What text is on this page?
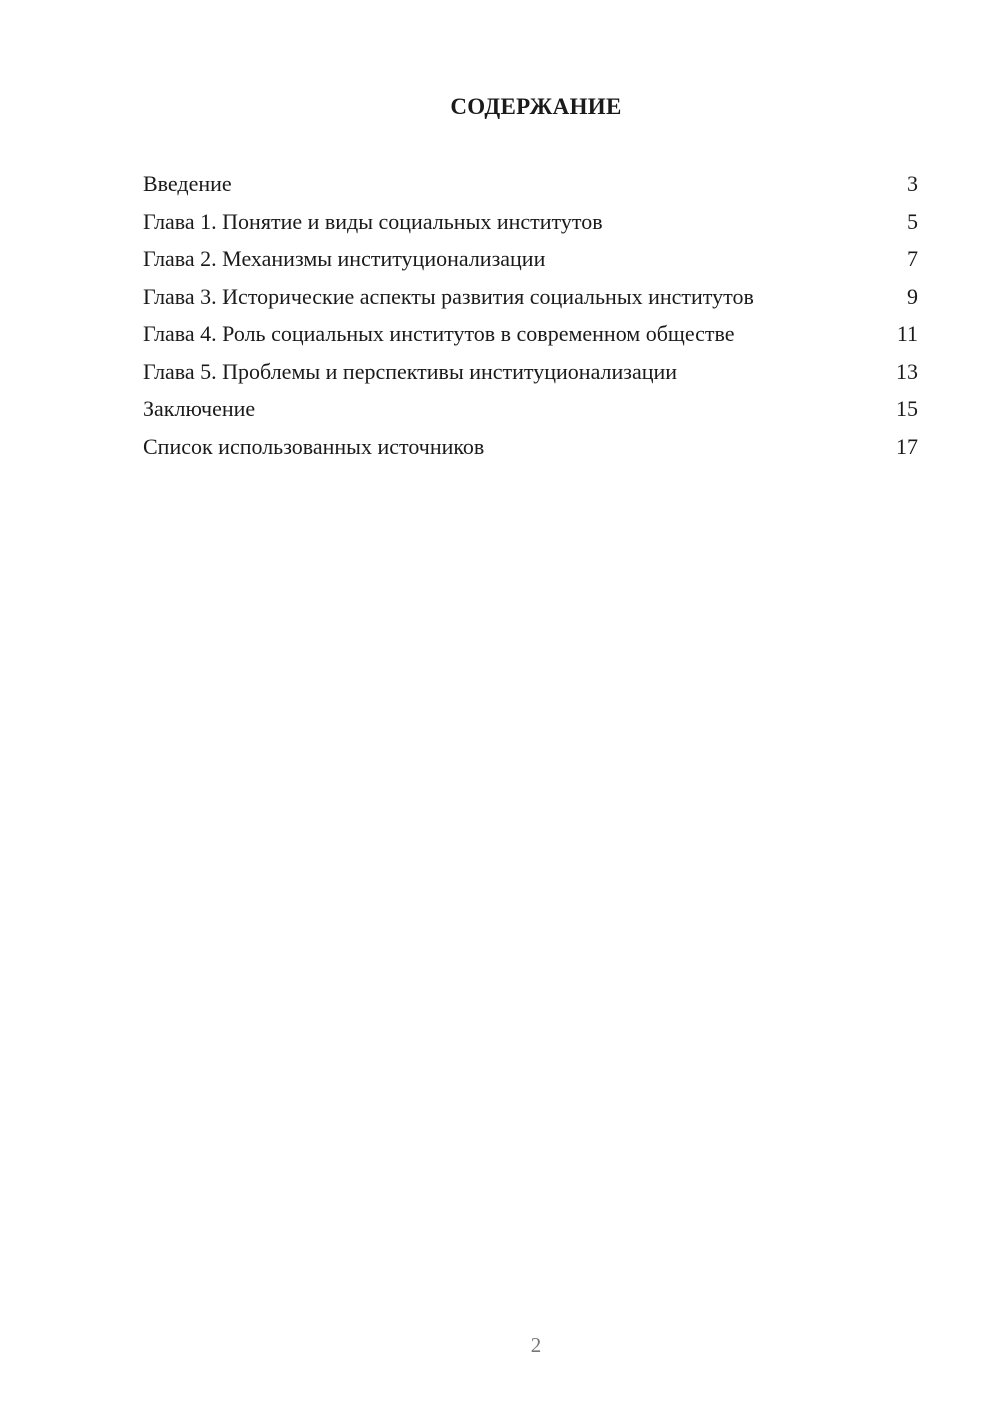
СОДЕРЖАНИЕ
Введение	3
Глава 1. Понятие и виды социальных институтов	5
Глава 2. Механизмы институционализации	7
Глава 3. Исторические аспекты развития социальных институтов	9
Глава 4. Роль социальных институтов в современном обществе	11
Глава 5. Проблемы и перспективы институционализации	13
Заключение	15
Список использованных источников	17
2
